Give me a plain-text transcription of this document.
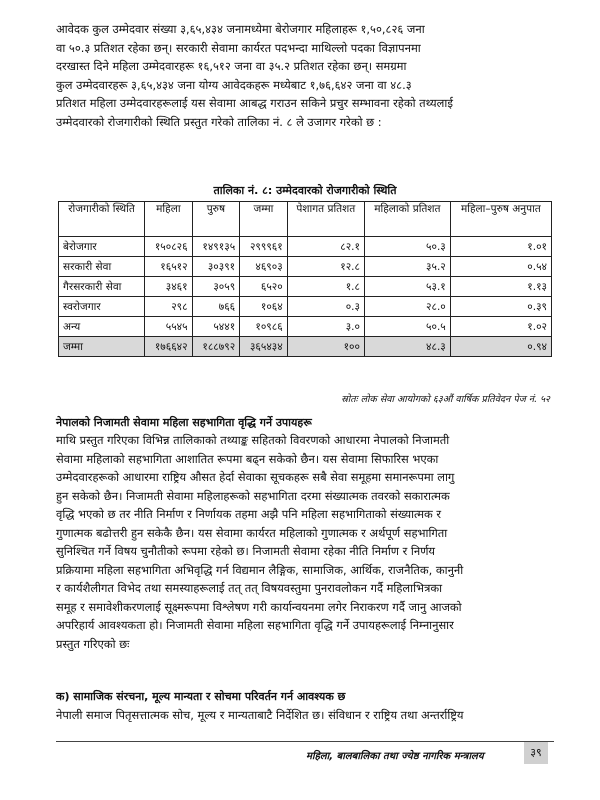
आवेदक कुल उम्मेदवार संख्या ३,६५,४३४ जनामध्येमा बेरोजगार महिलाहरू १,५०,८२६ जना
वा ५०.३ प्रतिशत रहेका छन्। सरकारी सेवामा कार्यरत पदभन्दा माथिल्लो पदका विज्ञापनमा
दरखास्त दिने महिला उम्मेदवारहरू १६,५१२ जना वा ३५.२ प्रतिशत रहेका छन्। समग्रमा
कुल उम्मेदवारहरू ३,६५,४३४ जना योग्य आवेदकहरू मध्येबाट १,७६,६४२ जना वा ४८.३
प्रतिशत महिला उम्मेदवारहरूलाई यस सेवामा आबद्ध गराउन सकिने प्रचुर सम्भावना रहेको तथ्यलाई
उम्मेदवारको रोजगारीको स्थिति प्रस्तुत गरेको तालिका नं. ८ ले उजागर गरेको छ :
तालिका नं. ८: उम्मेदवारको रोजगारीको स्थिति
रोजगारीको स्थिति	महिला	पुरुष	जम्मा	पेशागत प्रतिशत	महिलाको प्रतिशत	महिला–पुरुष अनुपात
बेरोजगार	१५०८२६	१४९१३५	२९९९६१	८२.१	५०.३	१.०१
सरकारी सेवा	१६५१२	३०३९१	४६९०३	१२.८	३५.२	०.५४
गैरसरकारी सेवा	३४६१	३०५९	६५२०	१.८	५३.१	१.१३
स्वरोजगार	२९८	७६६	१०६४	०.३	२८.०	०.३९
अन्य	५५४५	५४४१	१०९८६	३.०	५०.५	१.०२
जम्मा	१७६६४२	१८८७९२	३६५४३४	१००	४८.३	०.९४
स्रोतः लोक सेवा आयोगको ६३औं वार्षिक प्रतिवेदन पेज नं. ५२
नेपालको निजामती सेवामा महिला सहभागिता वृद्धि गर्ने उपायहरू
माथि प्रस्तुत गरिएका विभिन्न तालिकाको तथ्याङ्क सहितको विवरणको आधारमा नेपालको निजामती
सेवामा महिलाको सहभागिता आशातित रूपमा बढ्न सकेको छैन। यस सेवामा सिफारिस भएका
उम्मेदवारहरूको आधारमा राष्ट्रिय औसत हेर्दा सेवाका सूचकहरू सबै सेवा समूहमा समानरूपमा लागु
हुन सकेको छैन। निजामती सेवामा महिलाहरूको सहभागिता दरमा संख्यात्मक तवरको सकारात्मक
वृद्धि भएको छ तर नीति निर्माण र निर्णायक तहमा अझै पनि महिला सहभागिताको संख्यात्मक र
गुणात्मक बढोत्तरी हुन सकेकै छैन। यस सेवामा कार्यरत महिलाको गुणात्मक र अर्थपूर्ण सहभागिता
सुनिश्चित गर्ने विषय चुनौतीको रूपमा रहेको छ। निजामती सेवामा रहेका नीति निर्माण र निर्णय
प्रक्रियामा महिला सहभागिता अभिवृद्धि गर्न विद्यमान लैङ्गिक, सामाजिक, आर्थिक, राजनैतिक, कानुनी
र कार्यशैलीगत विभेद तथा समस्याहरूलाई तत् तत् विषयवस्तुमा पुनरावलोकन गर्दै महिलाभित्रका
समूह र समावेशीकरणलाई सूक्ष्मरूपमा विश्लेषण गरी कार्यान्वयनमा लगेर निराकरण गर्दै जानु आजको
अपरिहार्य आवश्यकता हो। निजामती सेवामा महिला सहभागिता वृद्धि गर्ने उपायहरूलाई निम्नानुसार
प्रस्तुत गरिएको छः
क) सामाजिक संरचना, मूल्य मान्यता र सोचमा परिवर्तन गर्न आवश्यक छ
नेपाली समाज पितृसत्तात्मक सोच, मूल्य र मान्यताबाटै निर्देशित छ। संविधान र राष्ट्रिय तथा अन्तर्राष्ट्रिय
महिला, बालबालिका तथा ज्येष्ठ नागरिक मन्त्रालय	३९
